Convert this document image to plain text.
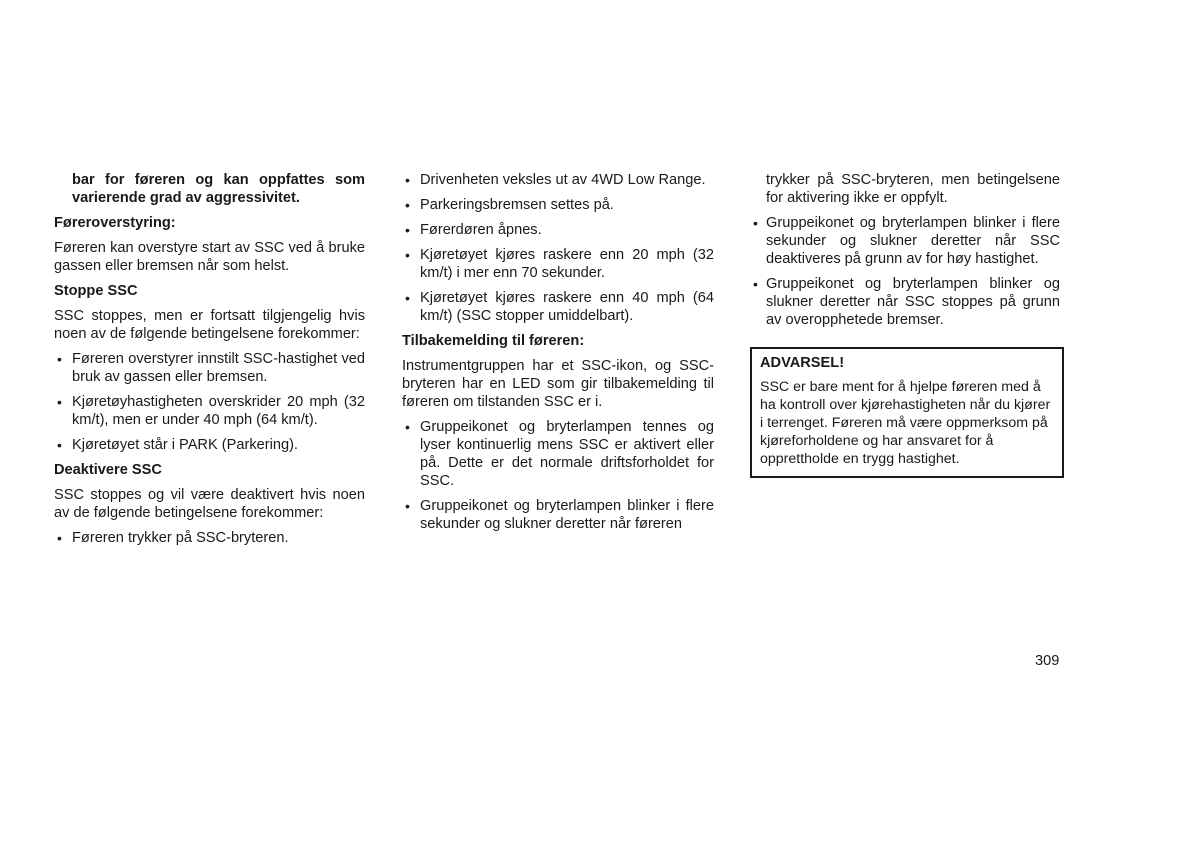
bar for føreren og kan oppfattes som varierende grad av aggressivitet.

Føreroverstyring:

Føreren kan overstyre start av SSC ved å bruke gassen eller bremsen når som helst.

Stoppe SSC

SSC stoppes, men er fortsatt tilgjengelig hvis noen av de følgende betingelsene forekommer:

• Føreren overstyrer innstilt SSC-hastighet ved bruk av gassen eller bremsen.
• Kjøretøyhastigheten overskrider 20 mph (32 km/t), men er under 40 mph (64 km/t).
• Kjøretøyet står i PARK (Parkering).
Deaktivere SSC

SSC stoppes og vil være deaktivert hvis noen av de følgende betingelsene forekommer:

• Føreren trykker på SSC-bryteren.
• Drivenheten veksles ut av 4WD Low Range.
• Parkeringsbremsen settes på.
• Førerdøren åpnes.
• Kjøretøyet kjøres raskere enn 20 mph (32 km/t) i mer enn 70 sekunder.
• Kjøretøyet kjøres raskere enn 40 mph (64 km/t) (SSC stopper umiddelbart).
Tilbakemelding til føreren:

Instrumentgruppen har et SSC-ikon, og SSC-bryteren har en LED som gir tilbakemelding til føreren om tilstanden SSC er i.

• Gruppeikonet og bryterlampen tennes og lyser kontinuerlig mens SSC er aktivert eller på. Dette er det normale driftsforholdet for SSC.
• Gruppeikonet og bryterlampen blinker i flere sekunder og slukner deretter når føreren

trykker på SSC-bryteren, men betingelsene for aktivering ikke er oppfylt.

• Gruppeikonet og bryterlampen blinker i flere sekunder og slukner deretter når SSC deaktiveres på grunn av for høy hastighet.
• Gruppeikonet og bryterlampen blinker og slukner deretter når SSC stoppes på grunn av overopphetede bremser.
ADVARSEL!
SSC er bare ment for å hjelpe føreren med å ha kontroll over kjørehastigheten når du kjører i terrenget. Føreren må være oppmerksom på kjøreforholdene og har ansvaret for å opprettholde en trygg hastighet.
309
